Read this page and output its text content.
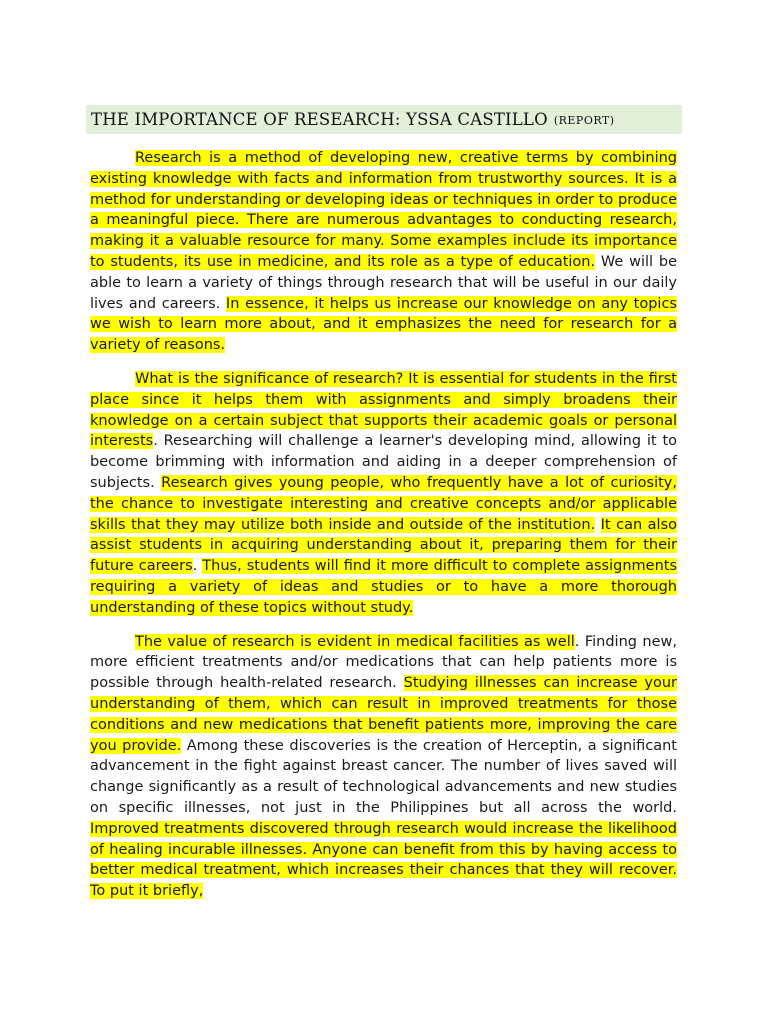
THE IMPORTANCE OF RESEARCH: YSSA CASTILLO (REPORT)

Research is a method of developing new, creative terms by combining existing knowledge with facts and information from trustworthy sources. It is a method for understanding or developing ideas or techniques in order to produce a meaningful piece. There are numerous advantages to conducting research, making it a valuable resource for many. Some examples include its importance to students, its use in medicine, and its role as a type of education. We will be able to learn a variety of things through research that will be useful in our daily lives and careers. In essence, it helps us increase our knowledge on any topics we wish to learn more about, and it emphasizes the need for research for a variety of reasons.

What is the significance of research? It is essential for students in the first place since it helps them with assignments and simply broadens their knowledge on a certain subject that supports their academic goals or personal interests. Researching will challenge a learner's developing mind, allowing it to become brimming with information and aiding in a deeper comprehension of subjects. Research gives young people, who frequently have a lot of curiosity, the chance to investigate interesting and creative concepts and/or applicable skills that they may utilize both inside and outside of the institution. It can also assist students in acquiring understanding about it, preparing them for their future careers. Thus, students will find it more difficult to complete assignments requiring a variety of ideas and studies or to have a more thorough understanding of these topics without study.

The value of research is evident in medical facilities as well. Finding new, more efficient treatments and/or medications that can help patients more is possible through health-related research. Studying illnesses can increase your understanding of them, which can result in improved treatments for those conditions and new medications that benefit patients more, improving the care you provide. Among these discoveries is the creation of Herceptin, a significant advancement in the fight against breast cancer. The number of lives saved will change significantly as a result of technological advancements and new studies on specific illnesses, not just in the Philippines but all across the world. Improved treatments discovered through research would increase the likelihood of healing incurable illnesses. Anyone can benefit from this by having access to better medical treatment, which increases their chances that they will recover. To put it briefly,
